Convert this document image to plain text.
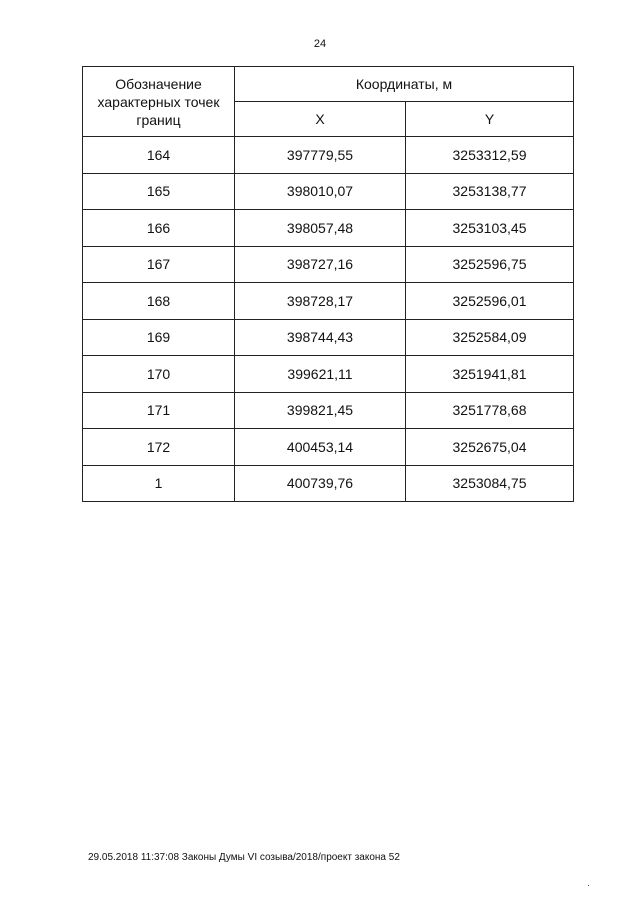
24
Обозначение характерных точек границ	Координаты, м	
	X	Y
164	397779,55	3253312,59
165	398010,07	3253138,77
166	398057,48	3253103,45
167	398727,16	3252596,75
168	398728,17	3252596,01
169	398744,43	3252584,09
170	399621,11	3251941,81
171	399821,45	3251778,68
172	400453,14	3252675,04
1	400739,76	3253084,75
29.05.2018 11:37:08 Законы Думы VI созыва/2018/проект закона 52
